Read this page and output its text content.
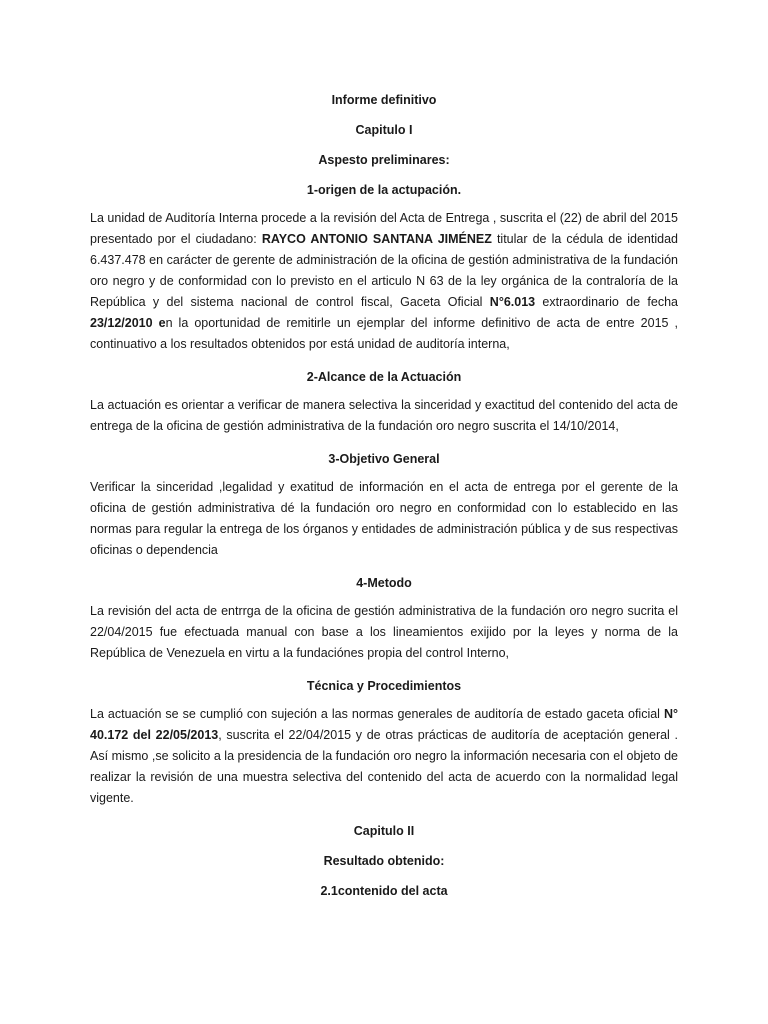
Informe definitivo

Capitulo I

Aspesto preliminares:

1-origen de la actupación.

La unidad de Auditoría Interna procede a la revisión del Acta de Entrega , suscrita el (22) de abril del 2015 presentado por el ciudadano: RAYCO ANTONIO SANTANA JIMÉNEZ titular de la cédula de identidad 6.437.478 en carácter de gerente de administración de la oficina de gestión administrativa de la fundación oro negro y de conformidad con lo previsto en el articulo N 63 de la ley orgánica de la contraloría de la República y del sistema nacional de control fiscal, Gaceta Oficial N°6.013 extraordinario de fecha 23/12/2010 en la oportunidad de remitirle un ejemplar del informe definitivo de acta de entre 2015 , continuativo a los resultados obtenidos por está unidad de auditoría interna,

2-Alcance de la Actuación

La actuación es orientar a verificar de manera selectiva la sinceridad y exactitud del contenido del acta de entrega de la oficina de gestión administrativa de la fundación oro negro suscrita el 14/10/2014,

3-Objetivo General

Verificar la sinceridad ,legalidad y exatitud de información en el acta de entrega por el gerente de la oficina de gestión administrativa dé la fundación oro negro en conformidad con lo establecido en las normas para regular la entrega de los órganos y entidades de administración pública y de sus respectivas oficinas o dependencia

4-Metodo

La revisión del acta de entrrga de la oficina de gestión administrativa de la fundación oro negro sucrita el 22/04/2015 fue efectuada manual con base a los lineamientos exijido por la leyes y norma de la República de Venezuela en virtu a la fundaciónes propia del control Interno,

Técnica y Procedimientos

La actuación se se cumplió con sujeción a las normas generales de auditoría de estado gaceta oficial N° 40.172 del 22/05/2013, suscrita el 22/04/2015 y de otras prácticas de auditoría de aceptación general . Así mismo ,se solicito a la presidencia de la fundación oro negro la información necesaria con el objeto de realizar la revisión de una muestra selectiva del contenido del acta de acuerdo con la normalidad legal vigente.

Capitulo II

Resultado obtenido:

2.1contenido del acta
